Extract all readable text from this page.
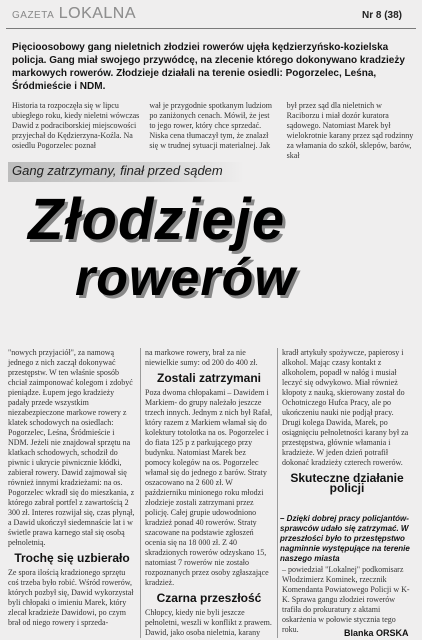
GAZETA LOKALNA	Nr 8 (38)
Pięcioosobowy gang nieletnich złodziei rowerów ujęła kędzierzyńsko-kozielska policja. Gang miał swojego przywódcę, na zlecenie którego dokonywano kradzieży markowych rowerów. Złodzieje działali na terenie osiedli: Pogorzelec, Leśna, Śródmieście i NDM.
Historia ta rozpoczęła się w lipcu ubiegłego roku, kiedy nieletni wówczas Dawid z podraciborskiej miejscowości przyjechał do Kędzierzyna-Koźla. Na osiedlu Pogorzelec poznał
wał je przygodnie spotkanym ludziom po zaniżonych cenach. Mówił, że jest to jego rower, który chce sprzedać. Niska cena tłumaczył tym, że znalazł się w trudnej sytuacji materialnej. Jak
był przez sąd dla nieletnich w Raciborzu i miał dozór kuratora sądowego. Natomiast Marek był wielokrotnie karany przez sąd rodzinny za włamania do szkół, sklepów, barów, skał
Gang zatrzymany, finał przed sądem
Złodzieje
rowerów

"nowych przyjaciół", za namową jednego z nich zaczął dokonywać przestępstw. W ten właśnie sposób chciał zaimponować kolegom i zdobyć pieniądze. Łupem jego kradzieży padały przede wszystkim niezabezpieczone markowe rowery z klatek schodowych na osiedlach: Pogorzelec, Leśna, Śródmieście i NDM. Jeżeli nie znajdował sprzętu na klatkach schodowych, schodził do piwnic i ukrycie piwnicznie kłódki, zabierał rowery. Dawid zajmował się również innymi kradzieżami: na os. Pogorzelec wkradł się do mieszkania, z którego zabrał portfel z zawartością 2 300 zł. Interes rozwijał się, czas płynął, a Dawid ukończył siedemnaście lat i w świetle prawa karnego stał się osobą pełnoletnią.

Trochę się uzbierało

Ze spora ilością kradzionego sprzętu coś trzeba było robić. Wśród rowerów, których pozbył się, Dawid wykorzystał byli chłopaki o imieniu Marek, który zlecał kradzieże Dawidowi, po czym brał od niego rowery i sprzeda-

na markowe rowery, brał za nie niewielkie sumy: od 200 do 400 zł.

Zostali zatrzymani

Poza dwoma chłopakami – Dawidem i Markiem- do grupy należało jeszcze trzech innych. Jednym z nich był Rafał, który razem z Markiem włamał się do kolektury totolotka na os. Pogorzelec i do fiata 125 p z parkującego przy budynku. Natomiast Marek bez pomocy kolegów na os. Pogorzelec włamał się do jednego z barów. Straty oszacowano na 2 600 zł. W październiku minionego roku młodzi złodzieje zostali zatrzymani przez policję. Całej grupie udowodniono kradzież ponad 40 rowerów. Straty szacowane na podstawie zgłoszeń ocenia się na 18 000 zł. Z 40 skradzionych rowerów odzyskano 15, natomiast 7 rowerów nie zostało rozpoznanych przez osoby zgłaszające kradzież.

Czarna przeszłość

Chłopcy, kiedy nie byli jeszcze pełnoletni, weszli w konflikt z prawem. Dawid, jako osoba nieletnia, karany

kradł artykuły spożywcze, papierosy i alkohol. Mając czasy kontakt z alkoholem, popadł w nałóg i musiał leczyć się odwykowo. Miał również kłopoty z nauką, skierowany został do Ochotniczego Hufca Pracy, ale po ukończeniu nauki nie podjął pracy. Drugi kolega Dawida, Marek, po osiągnięciu pełnoletności karany był za przestępstwa, głównie włamania i kradzieże. W jeden dzień potrafił dokonać kradzieży czterech rowerów.

Skuteczne działanie policji
– Dzięki dobrej pracy policjantów- sprawców udało się zatrzymać. W przeszłości było to przestępstwo nagminnie występujące na terenie naszego miasta

– powiedział "Lokalnej" podkomisarz Włodzimierz Kominek, rzecznik Komendanta Powiatowego Policji w K-K. Sprawa gangu złodziei rowerów trafiła do prokuratury z aktami oskarżenia w połowie stycznia tego roku.	Blanka ORSKA
